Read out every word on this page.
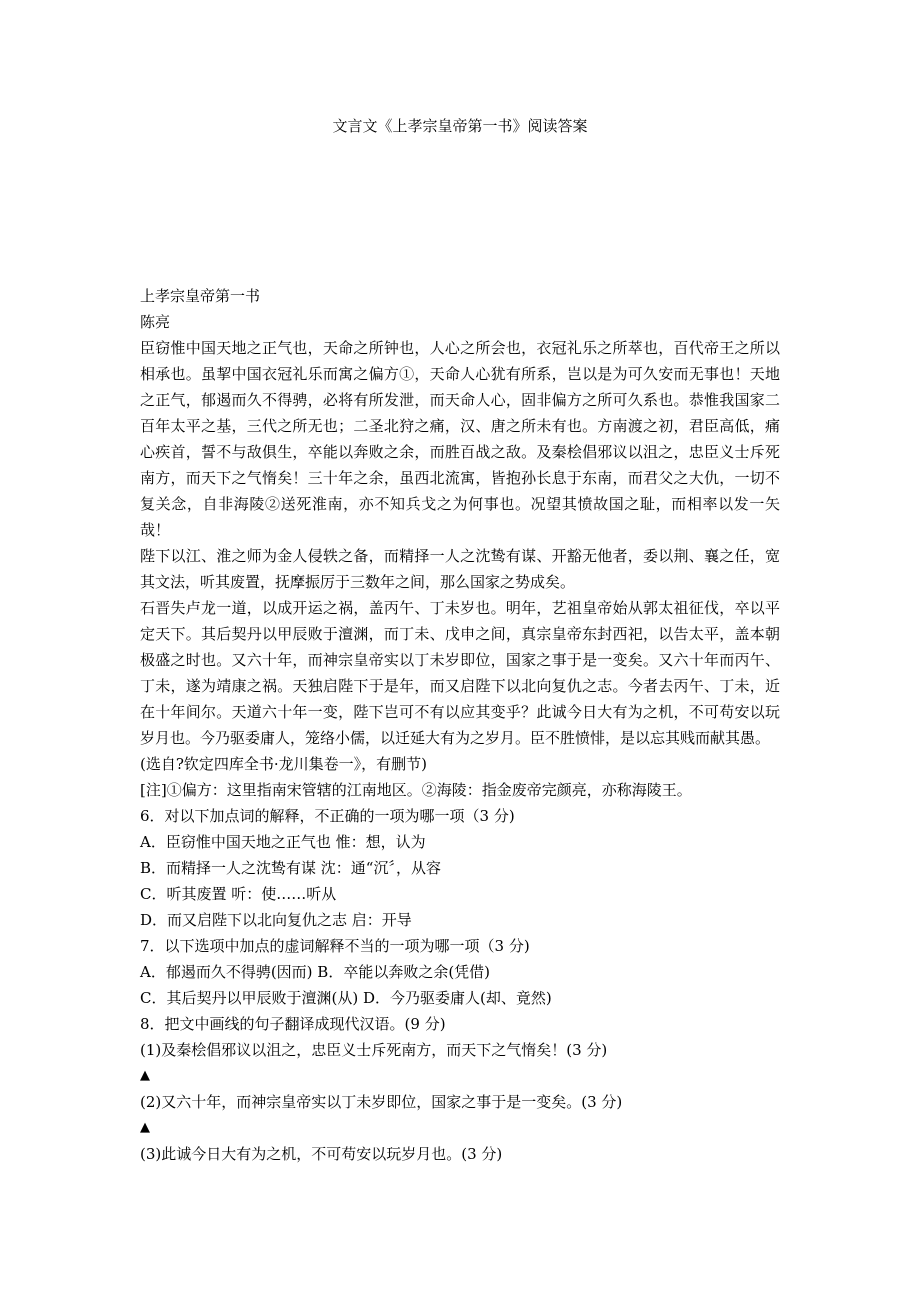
文言文《上孝宗皇帝第一书》阅读答案
上孝宗皇帝第一书
陈亮
臣窃惟中国天地之正气也，天命之所钟也，人心之所会也，衣冠礼乐之所萃也，百代帝王之所以相承也。虽挈中国衣冠礼乐而寓之偏方①，天命人心犹有所系，岂以是为可久安而无事也！天地之正气，郁遏而久不得骋，必将有所发泄，而天命人心，固非偏方之所可久系也。恭惟我国家二百年太平之基，三代之所无也；二圣北狩之痛，汉、唐之所未有也。方南渡之初，君臣高低，痛心疾首，誓不与敌俱生，卒能以奔败之余，而胜百战之敌。及秦桧倡邪议以沮之，忠臣义士斥死南方，而天下之气惰矣！三十年之余，虽西北流寓，皆抱孙长息于东南，而君父之大仇，一切不复关念，自非海陵②送死淮南，亦不知兵戈之为何事也。况望其愤故国之耻，而相率以发一矢哉！
陛下以江、淮之师为金人侵轶之备，而精择一人之沈鸷有谋、开豁无他者，委以荆、襄之任，宽其文法，听其废置，抚摩振厉于三数年之间，那么国家之势成矣。
石晋失卢龙一道，以成开运之祸，盖丙午、丁未岁也。明年，艺祖皇帝始从郭太祖征伐，卒以平定天下。其后契丹以甲辰败于澶渊，而丁未、戊申之间，真宗皇帝东封西祀，以告太平，盖本朝极盛之时也。又六十年，而神宗皇帝实以丁未岁即位，国家之事于是一变矣。又六十年而丙午、丁未，遂为靖康之祸。天独启陛下于是年，而又启陛下以北向复仇之志。今者去丙午、丁未，近在十年间尔。天道六十年一变，陛下岂可不有以应其变乎？此诚今日大有为之机，不可苟安以玩岁月也。今乃驱委庸人，笼络小儒，以迁延大有为之岁月。臣不胜愤悱，是以忘其贱而献其愚。
(选自?钦定四库全书·龙川集卷一》，有删节)
[注]①偏方：这里指南宋管辖的江南地区。②海陵：指金废帝完颜亮，亦称海陵王。
6．对以下加点词的解释，不正确的一项为哪一项（3 分)
A．臣窃惟中国天地之正气也 惟：想，认为
B．而精择一人之沈鸷有谋 沈：通“沉〞，从容
C．听其废置 听：使……听从
D．而又启陛下以北向复仇之志 启：开导
7．以下选项中加点的虚词解释不当的一项为哪一项（3 分)
A．郁遏而久不得骋(因而) B．卒能以奔败之余(凭借)
C．其后契丹以甲辰败于澶渊(从) D．今乃驱委庸人(却、竟然)
8．把文中画线的句子翻译成现代汉语。(9 分)
(1)及秦桧倡邪议以沮之，忠臣义士斥死南方，而天下之气惰矣！(3 分)
▲
(2)又六十年，而神宗皇帝实以丁未岁即位，国家之事于是一变矣。(3 分)
▲
(3)此诚今日大有为之机，不可苟安以玩岁月也。(3 分)
